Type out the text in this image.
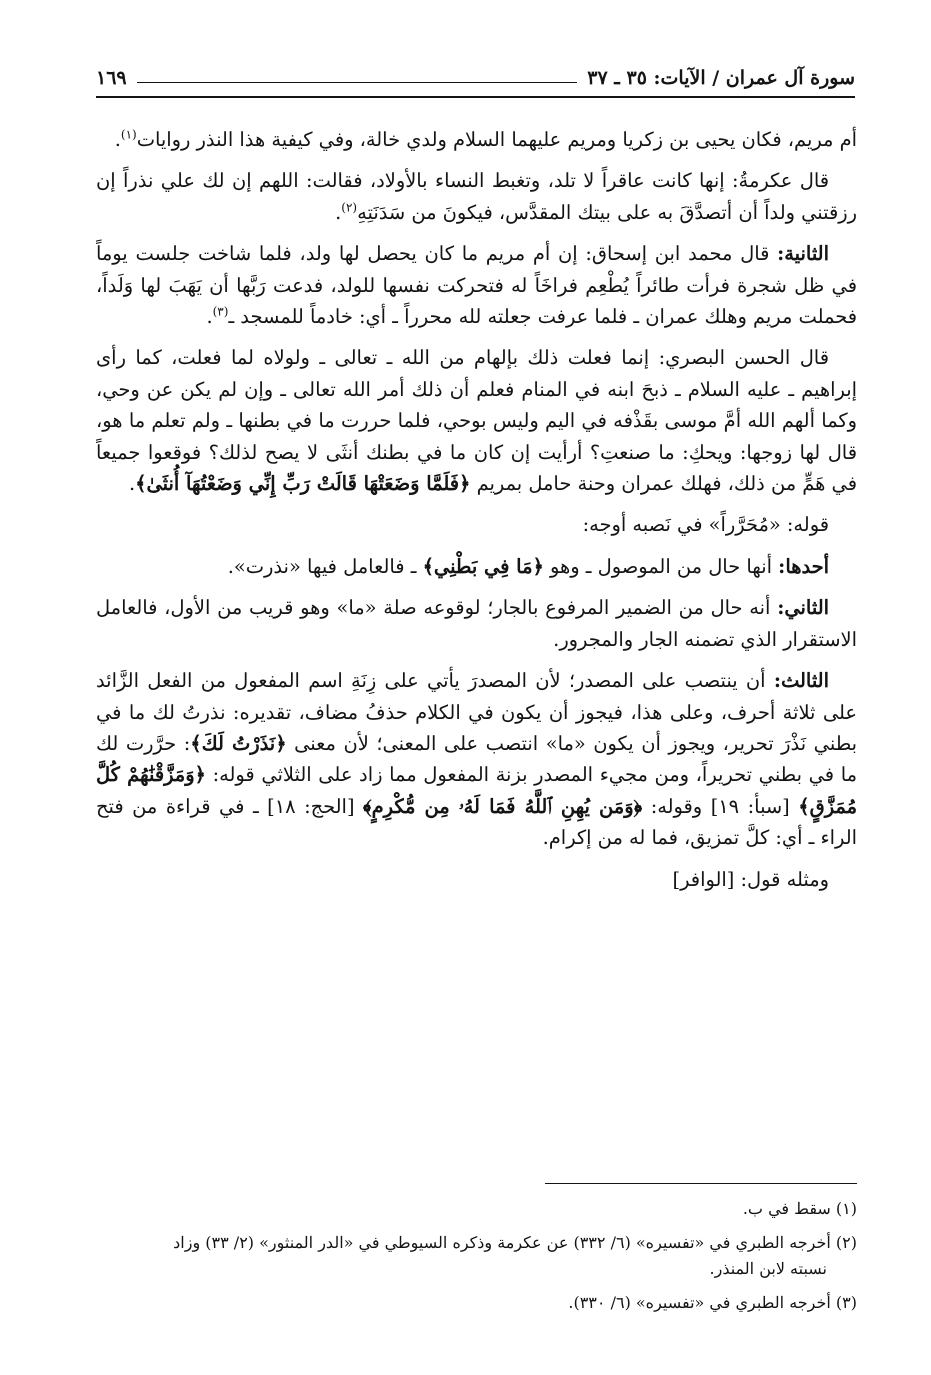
سورة آل عمران / الآيات: ٣٥ ـ ٣٧
١٦٩

أم مريم، فكان يحيى بن زكريا ومريم عليهما السلام ولدي خالة، وفي كيفية هذا النذر روايات$^{(١)}$.

قال عكرمةُ: إنها كانت عاقراً لا تلد، وتغبط النساء بالأولاد، فقالت: اللهم إن لك علي نذراً إن رزقتني ولداً أن أتصدَّقَ به على بيتك المقدَّس، فيكونَ من سَدَنَتِهِ$^{(٢)}$.

الثانية: قال محمد ابن إسحاق: إن أم مريم ما كان يحصل لها ولد، فلما شاخت جلست يوماً في ظل شجرة فرأت طائراً يُطْعِم فراخَاً له فتحركت نفسها للولد، فدعت رَبَّها أن يَهَبَ لها وَلَداً، فحملت مريم وهلك عمران ـ فلما عرفت جعلته لله محرراً ـ أي: خادماً للمسجد ـ$^{(٣)}$.

قال الحسن البصري: إنما فعلت ذلك بإلهام من الله ـ تعالى ـ ولولاه لما فعلت، كما رأى إبراهيم ـ عليه السلام ـ ذبحَ ابنه في المنام فعلم أن ذلك أمر الله تعالى ـ وإن لم يكن عن وحي، وكما ألهم الله أمَّ موسى بقَذْفه في اليم وليس بوحي، فلما حررت ما في بطنها ـ ولم تعلم ما هو، قال لها زوجها: ويحكِ: ما صنعتِ؟ أرأيت إن كان ما في بطنك أنثَى لا يصح لذلك؟ فوقعوا جميعاً في هَمٍّ من ذلك، فهلك عمران وحنة حامل بمريم ﴿فَلَمَّا وَضَعَتْهَا قَالَتْ رَبِّ إِنِّي وَضَعْتُهَآ أُنثَىٰ﴾.

قوله: «مُحَرَّراً» في نَصبه أوجه:

أحدها: أنها حال من الموصول ـ وهو ﴿مَا فِي بَطْنِي﴾ ـ فالعامل فيها «نذرت».

الثاني: أنه حال من الضمير المرفوع بالجار؛ لوقوعه صلة «ما» وهو قريب من الأول، فالعامل الاستقرار الذي تضمنه الجار والمجرور.

الثالث: أن ينتصب على المصدر؛ لأن المصدرَ يأتي على زِنَةِ اسم المفعول من الفعل الزَّائد على ثلاثة أحرف، وعلى هذا، فيجوز أن يكون في الكلام حذفُ مضاف، تقديره: نذرتُ لك ما في بطني نَذْرَ تحرير، ويجوز أن يكون «ما» انتصب على المعنى؛ لأن معنى ﴿نَذَرْتُ لَكَ﴾: حرَّرت لك ما في بطني تحريراً، ومن مجيء المصدر بزنة المفعول مما زاد على الثلاثي قوله: ﴿وَمَزَّقْنَٰهُمْ كُلَّ مُمَزَّقٍ﴾ [سبأ: ١٩] وقوله: ﴿وَمَن يُهِنِ ٱللَّهُ فَمَا لَهُۥ مِن مُّكْرِمٍ﴾ [الحج: ١٨] ـ في قراءة من فتح الراء ـ أي: كلَّ تمزيق، فما له من إكرام.

ومثله قول: [الوافر]

(١) سقط في ب.

(٢) أخرجه الطبري في «تفسيره» (٦/ ٣٣٢) عن عكرمة وذكره السيوطي في «الدر المنثور» (٢/ ٣٣) وزاد
نسبته لابن المنذر.

(٣) أخرجه الطبري في «تفسيره» (٦/ ٣٣٠).
